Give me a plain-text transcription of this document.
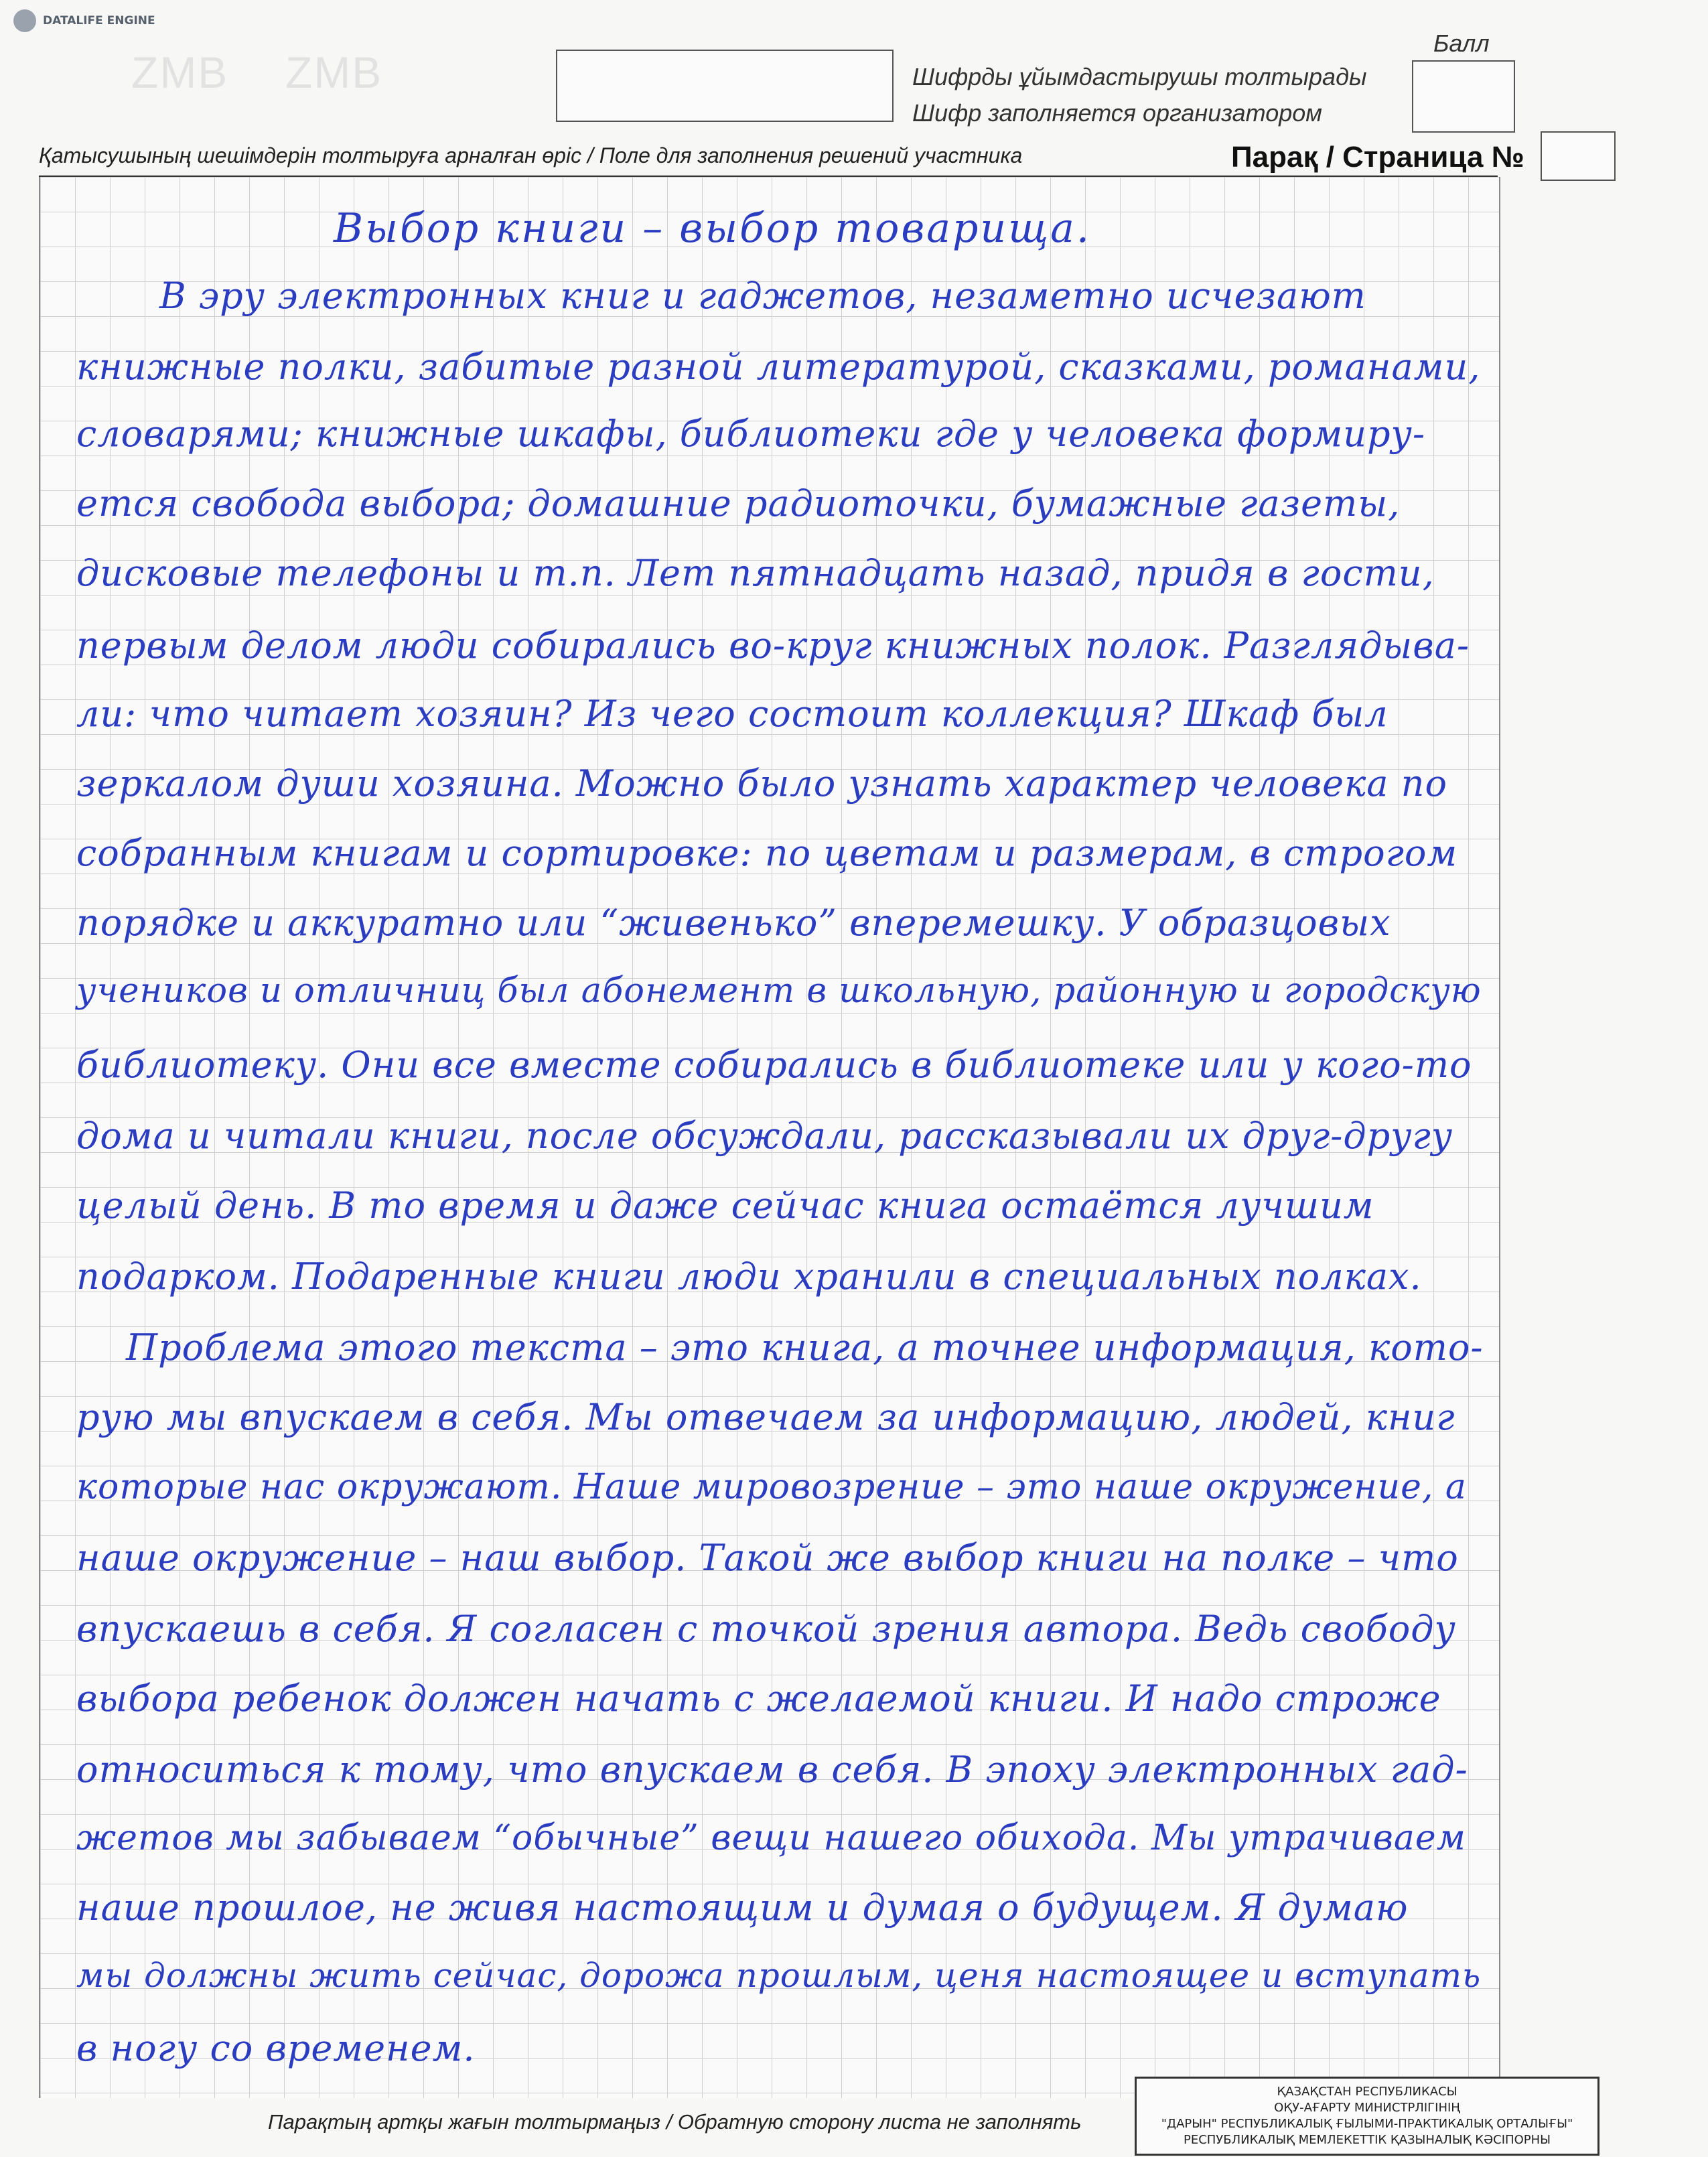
DATALIFE ENGINE
ZMB ZMB	Шифрды ұйымдастырушы толтырады
Шифр заполняется организатором
Балл
Қатысушының шешімдерін толтыруға арналған өріс / Поле для заполнения решений участника	Парақ / Страница №
Выбор книги – выбор товарища.
В эру электронных книг и гаджетов, незаметно исчезают
книжные полки, забитые разной литературой, сказками, романами,
словарями; книжные шкафы, библиотеки где у человека формиру-
ется свобода выбора; домашние радиоточки, бумажные газеты,
дисковые телефоны и т.п. Лет пятнадцать назад, придя в гости,
первым делом люди собирались во-круг книжных полок. Разглядыва-
ли: что читает хозяин? Из чего состоит коллекция? Шкаф был
зеркалом души хозяина. Можно было узнать характер человека по
собранным книгам и сортировке: по цветам и размерам, в строгом
порядке и аккуратно или “живенько” вперемешку. У образцовых
учеников и отличниц был абонемент в школьную, районную и городскую
библиотеку. Они все вместе собирались в библиотеке или у кого-то
дома и читали книги, после обсуждали, рассказывали их друг-другу
целый день. В то время и даже сейчас книга остаётся лучшим
подарком. Подаренные книги люди хранили в специальных полках.
Проблема этого текста – это книга, а точнее информация, кото-
рую мы впускаем в себя. Мы отвечаем за информацию, людей, книг
которые нас окружают. Наше мировозрение – это наше окружение, а
наше окружение – наш выбор. Такой же выбор книги на полке – что
впускаешь в себя. Я согласен с точкой зрения автора. Ведь свободу
выбора ребенок должен начать с желаемой книги. И надо строже
относиться к тому, что впускаем в себя. В эпоху электронных гад-
жетов мы забываем “обычные” вещи нашего обихода. Мы утрачиваем
наше прошлое, не живя настоящим и думая о будущем. Я думаю
мы должны жить сейчас, дорожа прошлым, ценя настоящее и вступать
в ногу со временем.
Парақтың артқы жағын толтырмаңыз / Обратную сторону листа не заполнять
ҚАЗАҚСТАН РЕСПУБЛИКАСЫ
ОҚУ-АҒАРТУ МИНИСТРЛІГІНІҢ
"ДАРЫН" РЕСПУБЛИКАЛЫҚ ҒЫЛЫМИ-ПРАКТИКАЛЫҚ ОРТАЛЫҒЫ"
РЕСПУБЛИКАЛЫҚ МЕМЛЕКЕТТІК ҚАЗЫНАЛЫҚ КӘСІПОРНЫ
